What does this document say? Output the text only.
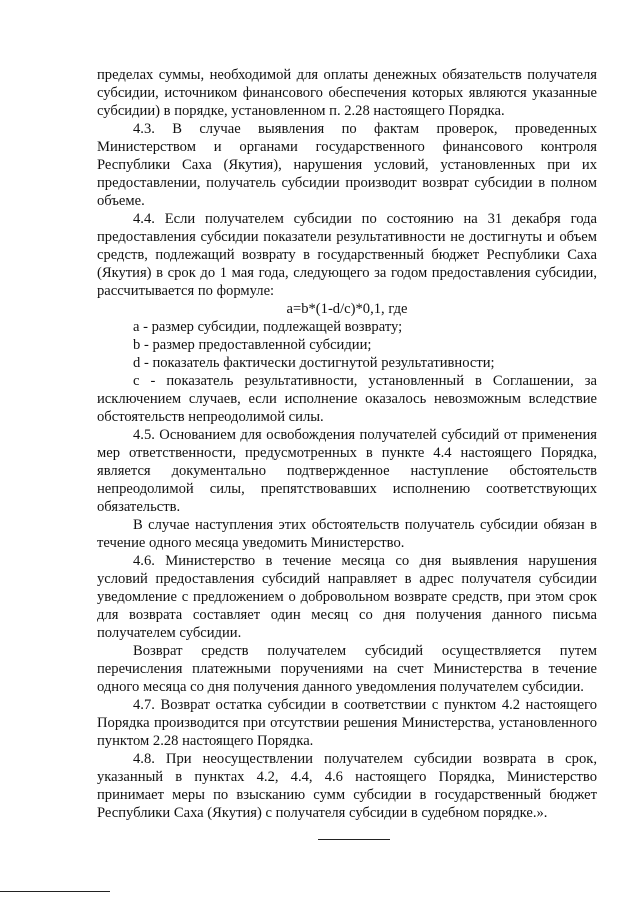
пределах суммы, необходимой для оплаты денежных обязательств получателя субсидии, источником финансового обеспечения которых являются указанные субсидии) в порядке, установленном п. 2.28 настоящего Порядка.

4.3. В случае выявления по фактам проверок, проведенных Министерством и органами государственного финансового контроля Республики Саха (Якутия), нарушения условий, установленных при их предоставлении, получатель субсидии производит возврат субсидии в полном объеме.

4.4. Если получателем субсидии по состоянию на 31 декабря года предоставления субсидии показатели результативности не достигнуты и объем средств, подлежащий возврату в государственный бюджет Республики Саха (Якутия) в срок до 1 мая года, следующего за годом предоставления субсидии, рассчитывается по формуле:

a=b*(1-d/c)*0,1, где

a - размер субсидии, подлежащей возврату;

b - размер предоставленной субсидии;

d - показатель фактически достигнутой результативности;

c - показатель результативности, установленный в Соглашении, за исключением случаев, если исполнение оказалось невозможным вследствие обстоятельств непреодолимой силы.

4.5. Основанием для освобождения получателей субсидий от применения мер ответственности, предусмотренных в пункте 4.4 настоящего Порядка, является документально подтвержденное наступление обстоятельств непреодолимой силы, препятствовавших исполнению соответствующих обязательств.

В случае наступления этих обстоятельств получатель субсидии обязан в течение одного месяца уведомить Министерство.

4.6. Министерство в течение месяца со дня выявления нарушения условий предоставления субсидий направляет в адрес получателя субсидии уведомление с предложением о добровольном возврате средств, при этом срок для возврата составляет один месяц со дня получения данного письма получателем субсидии.

Возврат средств получателем субсидий осуществляется путем перечисления платежными поручениями на счет Министерства в течение одного месяца со дня получения данного уведомления получателем субсидии.

4.7. Возврат остатка субсидии в соответствии с пунктом 4.2 настоящего Порядка производится при отсутствии решения Министерства, установленного пунктом 2.28 настоящего Порядка.

4.8. При неосуществлении получателем субсидии возврата в срок, указанный в пунктах 4.2, 4.4, 4.6 настоящего Порядка, Министерство принимает меры по взысканию сумм субсидии в государственный бюджет Республики Саха (Якутия) с получателя субсидии в судебном порядке.».
